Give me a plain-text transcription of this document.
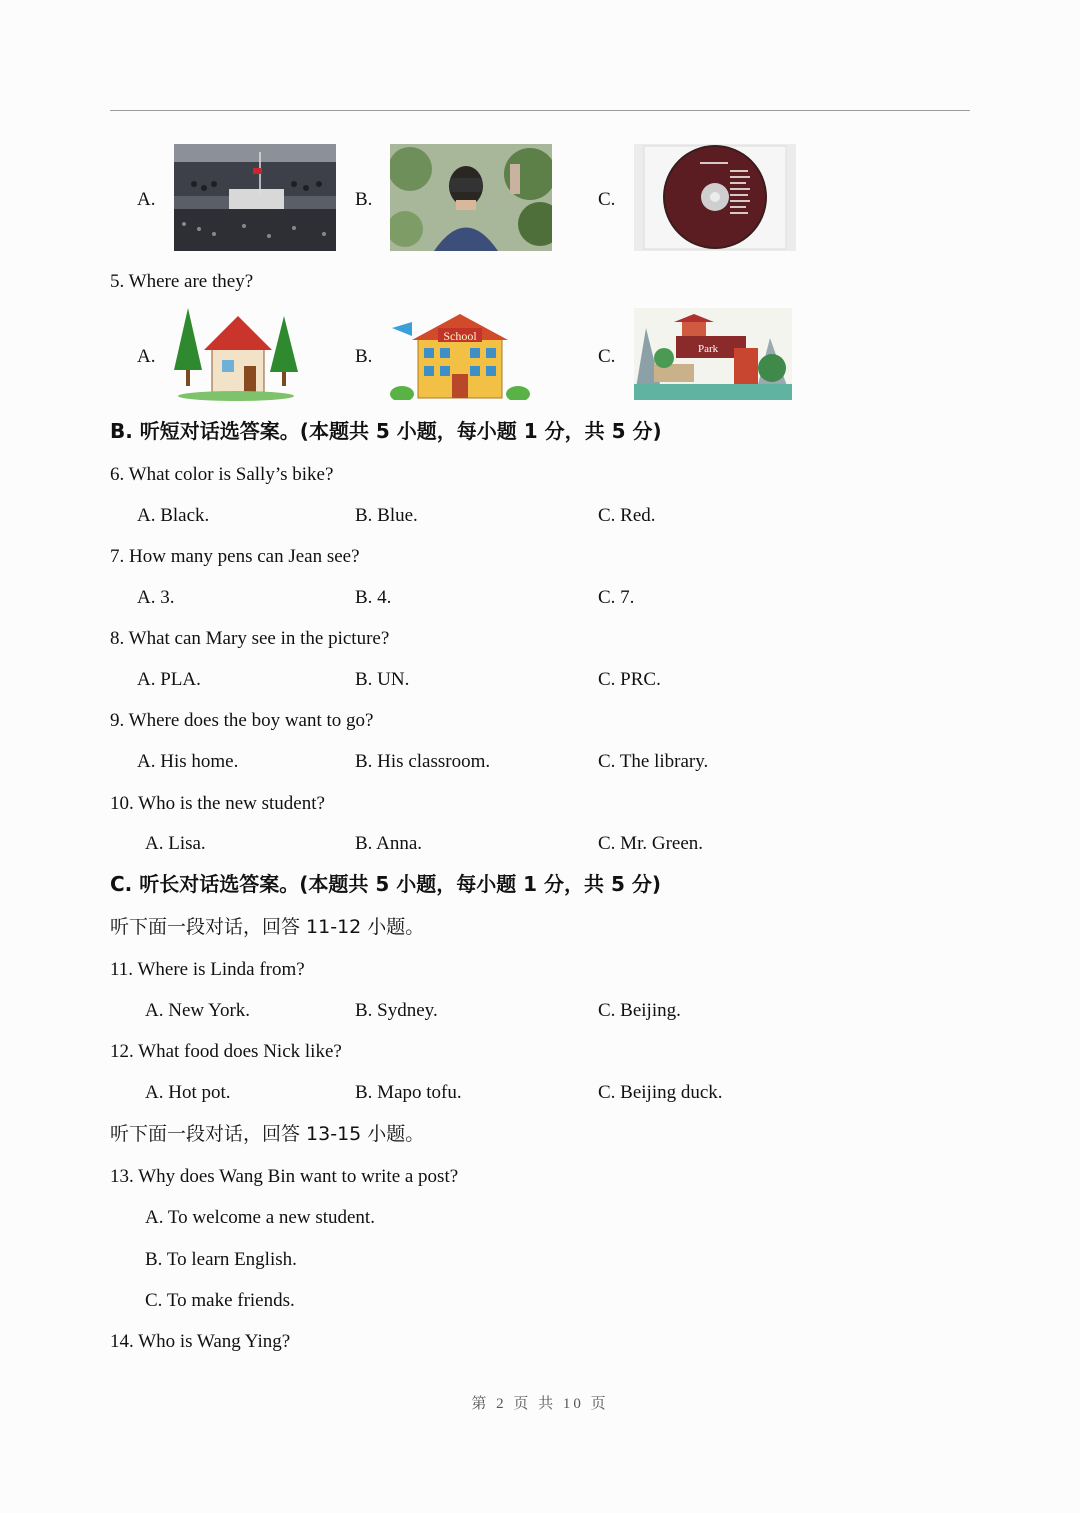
A.	B.	C.
5. Where are they?
A.	B.
School
C.	Park
B. 听短对话选答案。(本题共 5 小题，每小题 1 分，共 5 分)
6. What color is Sally’s bike?
A. Black.	B. Blue.	C. Red.
7. How many pens can Jean see?
A. 3.	B. 4.	C. 7.
8. What can Mary see in the picture?
A. PLA.	B. UN.	C. PRC.
9. Where does the boy want to go?
A. His home.	B. His classroom.	C. The library.
10. Who is the new student?
A. Lisa.	B. Anna.	C. Mr. Green.
C. 听长对话选答案。(本题共 5 小题，每小题 1 分，共 5 分)
听下面一段对话，回答 11-12 小题。
11. Where is Linda from?
A. New York.	B. Sydney.	C. Beijing.
12. What food does Nick like?
A. Hot pot.	B. Mapo tofu.	C. Beijing duck.
听下面一段对话，回答 13-15 小题。
13. Why does Wang Bin want to write a post?
A. To welcome a new student.
B. To learn English.
C. To make friends.
14. Who is Wang Ying?
第 2 页 共 10 页
